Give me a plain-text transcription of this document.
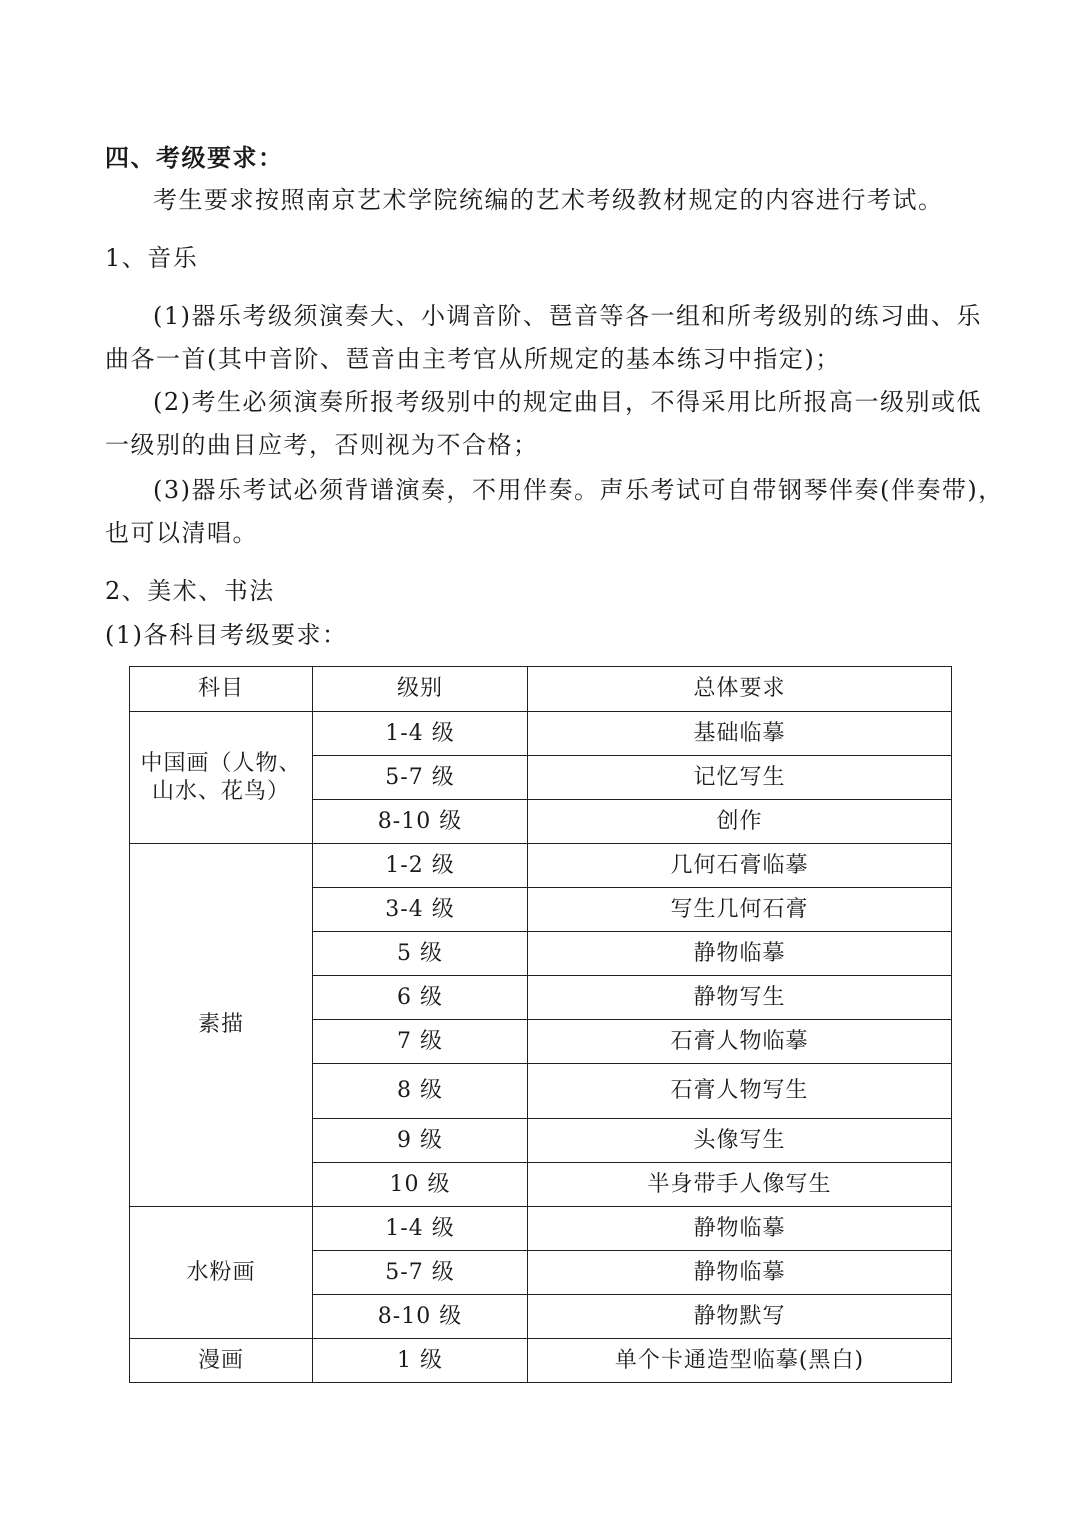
四、考级要求：
考生要求按照南京艺术学院统编的艺术考级教材规定的内容进行考试。
1、音乐
(1)器乐考级须演奏大、小调音阶、琶音等各一组和所考级别的练习曲、乐
曲各一首(其中音阶、琶音由主考官从所规定的基本练习中指定)；
(2)考生必须演奏所报考级别中的规定曲目，不得采用比所报高一级别或低
一级别的曲目应考，否则视为不合格；
(3)器乐考试必须背谱演奏，不用伴奏。声乐考试可自带钢琴伴奏(伴奏带)，
也可以清唱。
2、美术、书法
(1)各科目考级要求：
科目	级别	总体要求

中国画（人物、
山水、花鸟）	1-4 级	基础临摹
	5-7 级	记忆写生
	8-10 级	创作
素描	1-2 级	几何石膏临摹
	3-4 级	写生几何石膏
	5 级	静物临摹
	6 级	静物写生
	7 级	石膏人物临摹
	8 级	石膏人物写生
	9 级	头像写生
	10 级	半身带手人像写生
水粉画	1-4 级	静物临摹
	5-7 级	静物临摹
	8-10 级	静物默写
漫画	1 级	单个卡通造型临摹(黑白)
